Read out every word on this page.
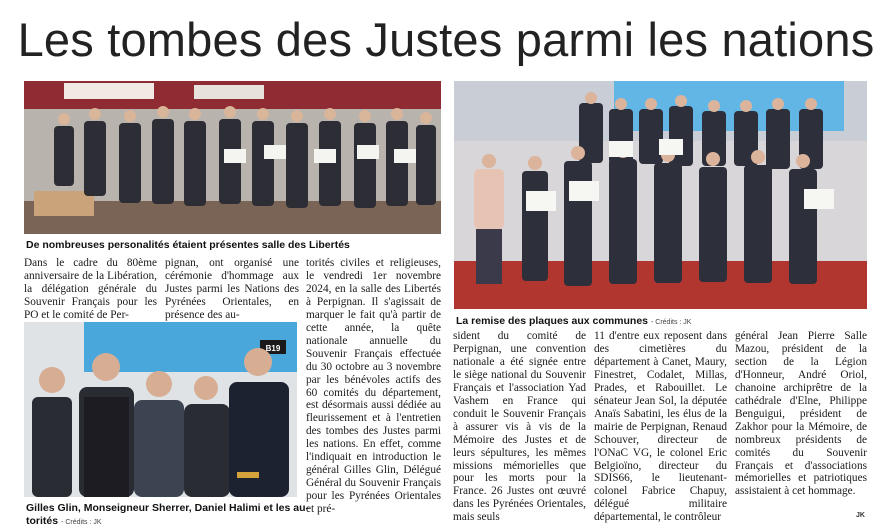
Les tombes des Justes parmi les nations
De nombreuses personalités étaient présentes salle des Libertés
La remise des plaques aux communes - Crédits : JK
B19
Gilles Glin, Monseigneur Sherrer, Daniel Halimi et les au-
torités - Crédits : JK

Dans le cadre du 80ème anniversaire de la Libération, la délégation générale du Souvenir Français pour les PO et le comité de Per-

pignan, ont organisé une cérémonie d'hommage aux Justes parmi les Nations des Pyrénées Orientales, en présence des au-

torités civiles et religieuses, le vendredi 1er novembre 2024, en la salle des Libertés à Perpignan. Il s'agissait de marquer le fait qu'à partir de cette année, la quête nationale annuelle du Souvenir Français effectuée du 30 octobre au 3 novembre par les bénévoles actifs des 60 comités du département, est désormais aussi dédiée au fleurissement et à l'entretien des tombes des Justes parmi les nations. En effet, comme l'indiquait en introduction le général Gilles Glin, Délégué Général du Souvenir Français pour les Pyrénées Orientales et pré-

sident du comité de Perpignan, une convention nationale a été signée entre le siège national du Souvenir Français et l'association Yad Vashem en France qui conduit le Souvenir Français à assurer vis à vis de la Mémoire des Justes et de leurs sépultures, les mêmes missions mémorielles que pour les morts pour la France. 26 Justes ont œuvré dans les Pyrénées Orientales, mais seuls

11 d'entre eux reposent dans des cimetières du département à Canet, Maury, Finestret, Codalet, Millas, Prades, et Rabouillet. Le sénateur Jean Sol, la députée Anaïs Sabatini, les élus de la mairie de Perpignan, Renaud Schouver, directeur de l'ONaC VG, le colonel Eric Belgioïno, directeur du SDIS66, le lieutenant-colonel Fabrice Chapuy, délégué militaire départemental, le contrôleur

général Jean Pierre Salle Mazou, président de la section de la Légion d'Honneur, André Oriol, chanoine archiprêtre de la cathédrale d'Elne, Philippe Benguigui, président de Zakhor pour la Mémoire, de nombreux présidents de comités du Souvenir Français et d'associations mémorielles et patriotiques assistaient à cet hommage.

JK
